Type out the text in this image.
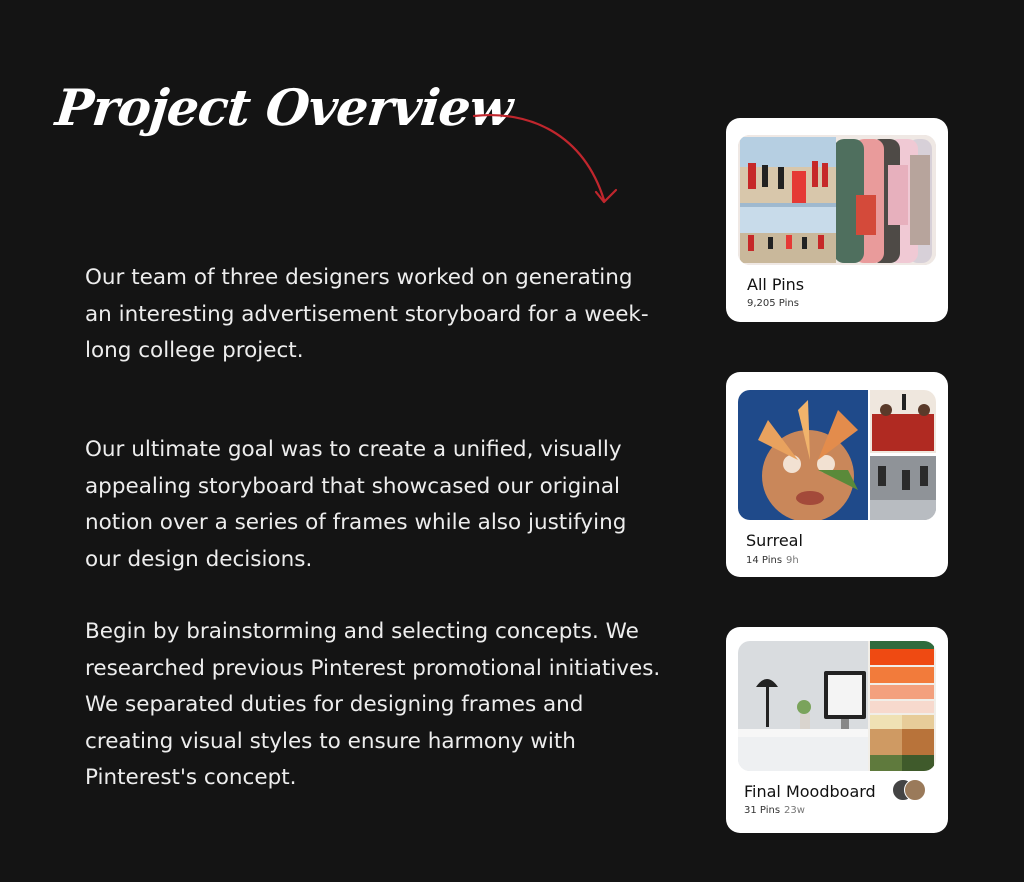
Project Overview

Our team of three designers worked on generating an interesting advertisement storyboard for a week-long college project.

Our ultimate goal was to create a unified, visually appealing storyboard that showcased our original notion over a series of frames while also justifying our design decisions.

Begin by brainstorming and selecting concepts. We researched previous Pinterest promotional initiatives. We separated duties for designing frames and creating visual styles to ensure harmony with Pinterest's concept.

All Pins
9,205 Pins
Surreal
14 Pins 9h
Final Moodboard
31 Pins 23w
